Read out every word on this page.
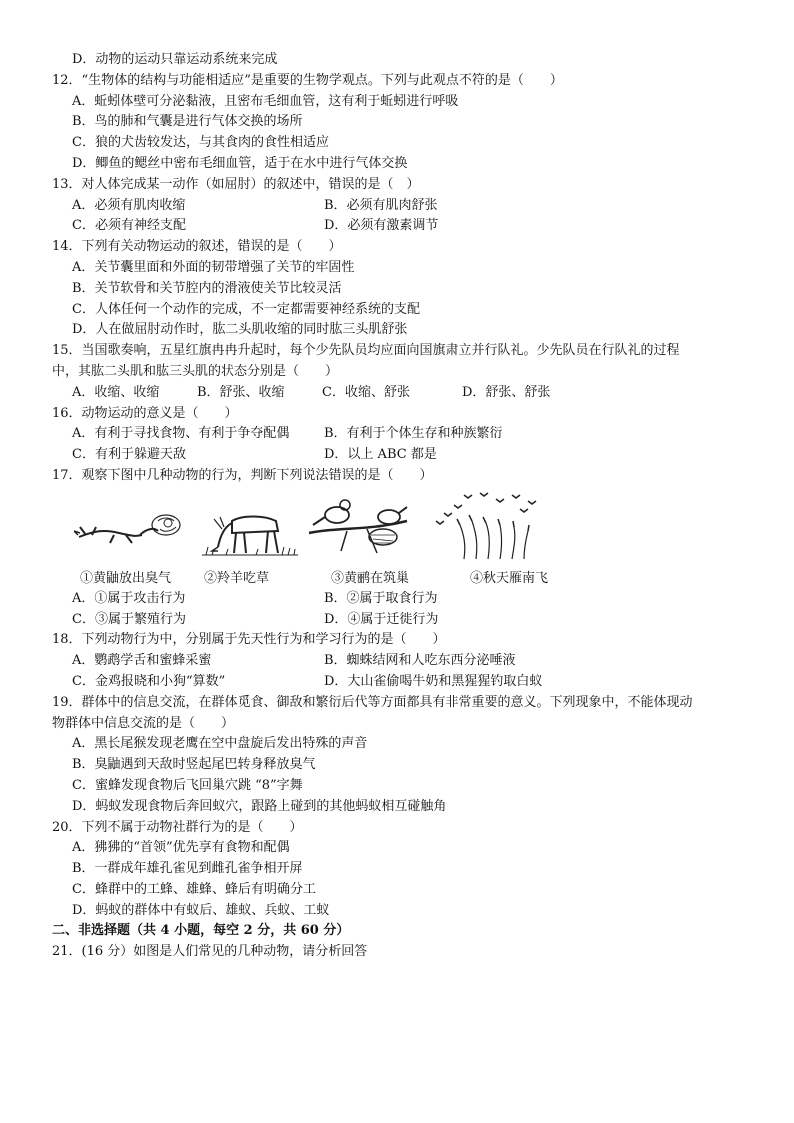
D．动物的运动只靠运动系统来完成
12．“生物体的结构与功能相适应”是重要的生物学观点。下列与此观点不符的是（　　）
A．蚯蚓体壁可分泌黏液，且密布毛细血管，这有利于蚯蚓进行呼吸
B．鸟的肺和气囊是进行气体交换的场所
C．狼的犬齿较发达，与其食肉的食性相适应
D．鲫鱼的鳃丝中密布毛细血管，适于在水中进行气体交换
13．对人体完成某一动作（如屈肘）的叙述中，错误的是（　）
A．必须有肌肉收缩	B．必须有肌肉舒张
C．必须有神经支配	D．必须有激素调节
14．下列有关动物运动的叙述，错误的是（　　）
A．关节囊里面和外面的韧带增强了关节的牢固性
B．关节软骨和关节腔内的滑液使关节比较灵活
C．人体任何一个动作的完成，不一定都需要神经系统的支配
D．人在做屈肘动作时，肱二头肌收缩的同时肱三头肌舒张
15．当国歌奏响，五星红旗冉冉升起时，每个少先队员均应面向国旗肃立并行队礼。少先队员在行队礼的过程
中，其肱二头肌和肱三头肌的状态分别是（　　）
A．收缩、收缩	B．舒张、收缩	C．收缩、舒张	D．舒张、舒张
16．动物运动的意义是（　　）
A．有利于寻找食物、有利于争夺配偶	B．有利于个体生存和种族繁衍
C．有利于躲避天敌	D．以上 ABC 都是
17．观察下图中几种动物的行为，判断下列说法错误的是（　　）
①黄鼬放出臭气	②羚羊吃草	③黄鹂在筑巢	④秋天雁南飞
A．①属于攻击行为	B．②属于取食行为
C．③属于繁殖行为	D．④属于迁徙行为
18．下列动物行为中，分别属于先天性行为和学习行为的是（　　）
A．鹦鹉学舌和蜜蜂采蜜	B．蜘蛛结网和人吃东西分泌唾液
C．金鸡报晓和小狗“算数”	D．大山雀偷喝牛奶和黑猩猩钓取白蚁
19．群体中的信息交流，在群体觅食、御敌和繁衍后代等方面都具有非常重要的意义。下列现象中，不能体现动
物群体中信息交流的是（　　）
A．黑长尾猴发现老鹰在空中盘旋后发出特殊的声音
B．臭鼬遇到天敌时竖起尾巴转身释放臭气
C．蜜蜂发现食物后飞回巢穴跳 “8”字舞
D．蚂蚁发现食物后奔回蚁穴，跟路上碰到的其他蚂蚁相互碰触角
20．下列不属于动物社群行为的是（　　）
A．狒狒的“首领”优先享有食物和配偶
B．一群成年雄孔雀见到雌孔雀争相开屏
C．蜂群中的工蜂、雄蜂、蜂后有明确分工
D．蚂蚁的群体中有蚁后、雄蚁、兵蚁、工蚁
二、非选择题（共 4 小题，每空 2 分，共 60 分）
21．(16 分）如图是人们常见的几种动物，请分析回答
